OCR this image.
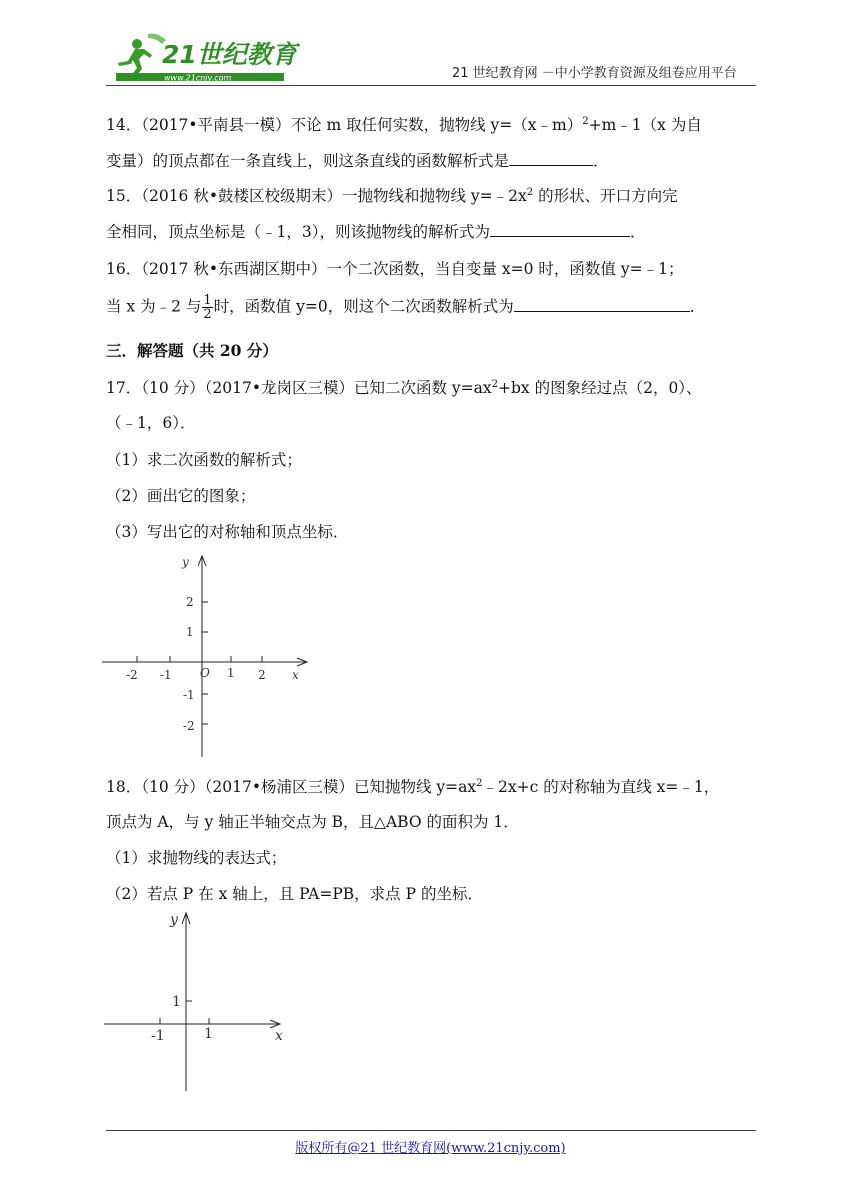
21世纪教育
www.21cnjy.com	21 世纪教育网 －中小学教育资源及组卷应用平台
14．（2017•平南县一模）不论 m 取任何实数，抛物线 y=（x﹣m）$^2$+m﹣1（x 为自
变量）的顶点都在一条直线上，则这条直线的函数解析式是	．
15．（2016 秋•鼓楼区校级期末）一抛物线和抛物线 $y=﹣2x^2$ 的形状、开口方向完
全相同，顶点坐标是（﹣1，3），则该抛物线的解析式为	．
16．（2017 秋•东西湖区期中）一个二次函数，当自变量 x=0 时，函数值 y=﹣1；
当 x 为﹣2 与 $\frac{1}{2}$ 时，函数值 y=0，则这个二次函数解析式为	．
三．解答题（共 20 分）
17．（10 分）（2017•龙岗区三模）已知二次函数 $y=ax^2+bx$ 的图象经过点（2，0）、
（﹣1，6）．
（1）求二次函数的解析式；
（2）画出它的图象；
（3）写出它的对称轴和顶点坐标．
y
x
O
2
1
-1
-2
-2 -1	1 2
18．（10 分）（2017•杨浦区三模）已知抛物线 $y=ax^2﹣2x+c$ 的对称轴为直线 x=﹣1，
顶点为 A，与 y 轴正半轴交点为 B，且△ABO 的面积为 1．
（1）求抛物线的表达式；
（2）若点 P 在 x 轴上，且 PA=PB，求点 P 的坐标．
y
x
1
-1	1
版权所有@21 世纪教育网(www.21cnjy.com)
